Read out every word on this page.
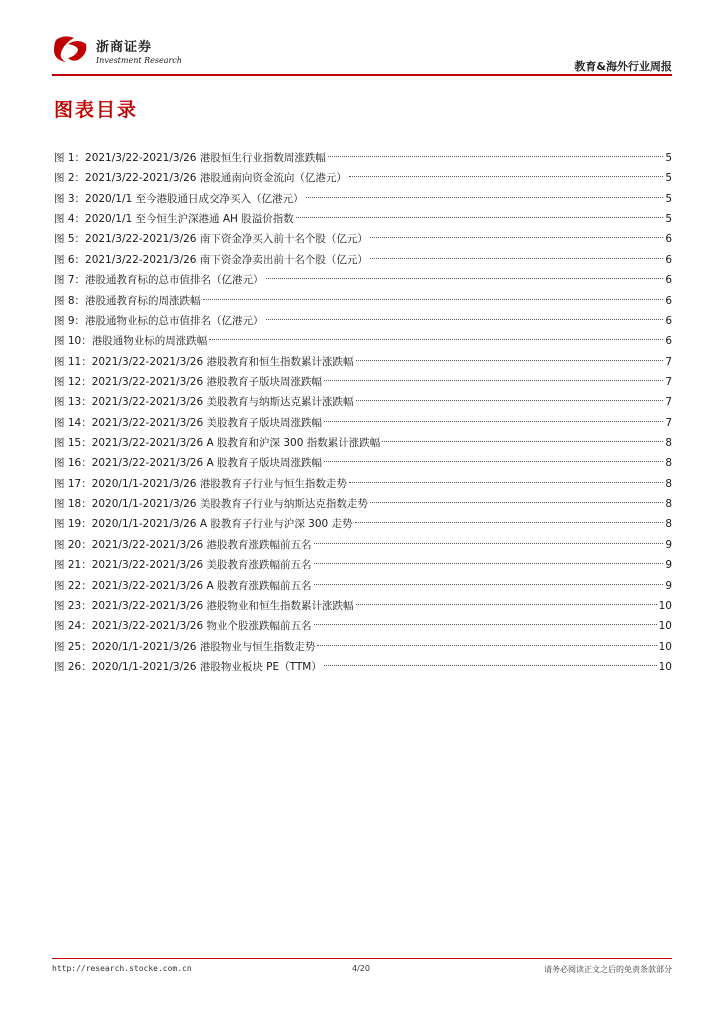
浙商证券
Investment Research	教育&海外行业周报
图表目录
图 1：2021/3/22-2021/3/26 港股恒生行业指数周涨跌幅	5
图 2：2021/3/22-2021/3/26 港股通南向资金流向（亿港元）	5
图 3：2020/1/1 至今港股通日成交净买入（亿港元）	5
图 4：2020/1/1 至今恒生沪深港通 AH 股溢价指数	5
图 5：2021/3/22-2021/3/26 南下资金净买入前十名个股（亿元）	6
图 6：2021/3/22-2021/3/26 南下资金净卖出前十名个股（亿元）	6
图 7：港股通教育标的总市值排名（亿港元）	6
图 8：港股通教育标的周涨跌幅	6
图 9：港股通物业标的总市值排名（亿港元）	6
图 10：港股通物业标的周涨跌幅	6
图 11：2021/3/22-2021/3/26 港股教育和恒生指数累计涨跌幅	7
图 12：2021/3/22-2021/3/26 港股教育子版块周涨跌幅	7
图 13：2021/3/22-2021/3/26 美股教育与纳斯达克累计涨跌幅	7
图 14：2021/3/22-2021/3/26 美股教育子版块周涨跌幅	7
图 15：2021/3/22-2021/3/26 A 股教育和沪深 300 指数累计涨跌幅	8
图 16：2021/3/22-2021/3/26 A 股教育子版块周涨跌幅	8
图 17：2020/1/1-2021/3/26 港股教育子行业与恒生指数走势	8
图 18：2020/1/1-2021/3/26 美股教育子行业与纳斯达克指数走势	8
图 19：2020/1/1-2021/3/26 A 股教育子行业与沪深 300 走势	8
图 20：2021/3/22-2021/3/26 港股教育涨跌幅前五名	9
图 21：2021/3/22-2021/3/26 美股教育涨跌幅前五名	9
图 22：2021/3/22-2021/3/26 A 股教育涨跌幅前五名	9
图 23：2021/3/22-2021/3/26 港股物业和恒生指数累计涨跌幅	10
图 24：2021/3/22-2021/3/26 物业个股涨跌幅前五名	10
图 25：2020/1/1-2021/3/26 港股物业与恒生指数走势	10
图 26：2020/1/1-2021/3/26 港股物业板块 PE（TTM）	10
http://research.stocke.com.cn	4/20	请务必阅读正文之后的免责条款部分
